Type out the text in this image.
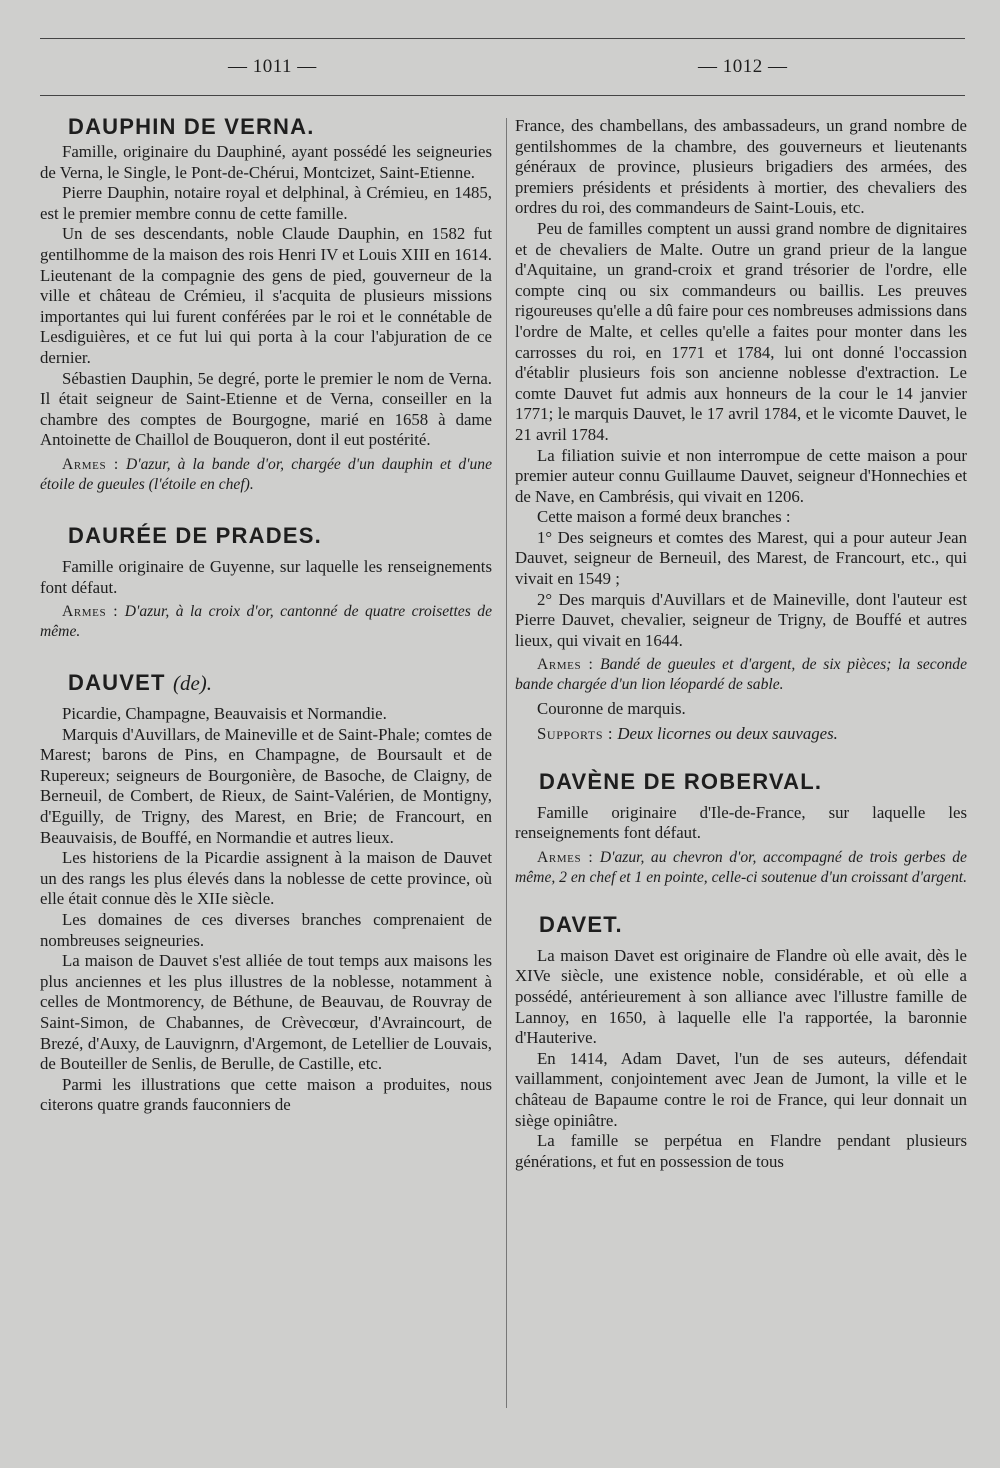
— 1011 —	— 1012 —
DAUPHIN DE VERNA.

Famille, originaire du Dauphiné, ayant possédé les seigneuries de Verna, le Single, le Pont-de-Chérui, Montcizet, Saint-Etienne.

Pierre Dauphin, notaire royal et delphinal, à Crémieu, en 1485, est le premier membre connu de cette famille.

Un de ses descendants, noble Claude Dauphin, en 1582 fut gentilhomme de la maison des rois Henri IV et Louis XIII en 1614. Lieutenant de la compagnie des gens de pied, gouverneur de la ville et château de Crémieu, il s'acquita de plusieurs missions importantes qui lui furent conférées par le roi et le connétable de Lesdiguières, et ce fut lui qui porta à la cour l'abjuration de ce dernier.

Sébastien Dauphin, 5e degré, porte le premier le nom de Verna. Il était seigneur de Saint-Etienne et de Verna, conseiller en la chambre des comptes de Bourgogne, marié en 1658 à dame Antoinette de Chaillol de Bouqueron, dont il eut postérité.

Armes : D'azur, à la bande d'or, chargée d'un dauphin et d'une étoile de gueules (l'étoile en chef).
DAURÉE DE PRADES.

Famille originaire de Guyenne, sur laquelle les renseignements font défaut.

Armes : D'azur, à la croix d'or, cantonné de quatre croisettes de même.
DAUVET (de).

Picardie, Champagne, Beauvaisis et Normandie.

Marquis d'Auvillars, de Maineville et de Saint-Phale; comtes de Marest; barons de Pins, en Champagne, de Boursault et de Rupereux; seigneurs de Bourgonière, de Basoche, de Claigny, de Berneuil, de Combert, de Rieux, de Saint-Valérien, de Montigny, d'Eguilly, de Trigny, des Marest, en Brie; de Francourt, en Beauvaisis, de Bouffé, en Normandie et autres lieux.

Les historiens de la Picardie assignent à la maison de Dauvet un des rangs les plus élevés dans la noblesse de cette province, où elle était connue dès le XIIe siècle.

Les domaines de ces diverses branches comprenaient de nombreuses seigneuries.

La maison de Dauvet s'est alliée de tout temps aux maisons les plus anciennes et les plus illustres de la noblesse, notamment à celles de Montmorency, de Béthune, de Beauvau, de Rouvray de Saint-Simon, de Chabannes, de Crèvecœur, d'Avraincourt, de Brezé, d'Auxy, de Lauvignrn, d'Argemont, de Letellier de Louvais, de Bouteiller de Senlis, de Berulle, de Castille, etc.

Parmi les illustrations que cette maison a produites, nous citerons quatre grands fauconniers de

France, des chambellans, des ambassadeurs, un grand nombre de gentilshommes de la chambre, des gouverneurs et lieutenants généraux de province, plusieurs brigadiers des armées, des premiers présidents et présidents à mortier, des chevaliers des ordres du roi, des commandeurs de Saint-Louis, etc.

Peu de familles comptent un aussi grand nombre de dignitaires et de chevaliers de Malte. Outre un grand prieur de la langue d'Aquitaine, un grand-croix et grand trésorier de l'ordre, elle compte cinq ou six commandeurs ou baillis. Les preuves rigoureuses qu'elle a dû faire pour ces nombreuses admissions dans l'ordre de Malte, et celles qu'elle a faites pour monter dans les carrosses du roi, en 1771 et 1784, lui ont donné l'occassion d'établir plusieurs fois son ancienne noblesse d'extraction. Le comte Dauvet fut admis aux honneurs de la cour le 14 janvier 1771; le marquis Dauvet, le 17 avril 1784, et le vicomte Dauvet, le 21 avril 1784.

La filiation suivie et non interrompue de cette maison a pour premier auteur connu Guillaume Dauvet, seigneur d'Honnechies et de Nave, en Cambrésis, qui vivait en 1206.

Cette maison a formé deux branches :

1° Des seigneurs et comtes des Marest, qui a pour auteur Jean Dauvet, seigneur de Berneuil, des Marest, de Francourt, etc., qui vivait en 1549 ;

2° Des marquis d'Auvillars et de Maineville, dont l'auteur est Pierre Dauvet, chevalier, seigneur de Trigny, de Bouffé et autres lieux, qui vivait en 1644.

Armes : Bandé de gueules et d'argent, de six pièces; la seconde bande chargée d'un lion léopardé de sable.
Couronne de marquis.
Supports : Deux licornes ou deux sauvages.
DAVÈNE DE ROBERVAL.

Famille originaire d'Ile-de-France, sur laquelle les renseignements font défaut.

Armes : D'azur, au chevron d'or, accompagné de trois gerbes de même, 2 en chef et 1 en pointe, celle-ci soutenue d'un croissant d'argent.
DAVET.

La maison Davet est originaire de Flandre où elle avait, dès le XIVe siècle, une existence noble, considérable, et où elle a possédé, antérieurement à son alliance avec l'illustre famille de Lannoy, en 1650, à laquelle elle l'a rapportée, la baronnie d'Hauterive.

En 1414, Adam Davet, l'un de ses auteurs, défendait vaillamment, conjointement avec Jean de Jumont, la ville et le château de Bapaume contre le roi de France, qui leur donnait un siège opiniâtre.

La famille se perpétua en Flandre pendant plusieurs générations, et fut en possession de tous
